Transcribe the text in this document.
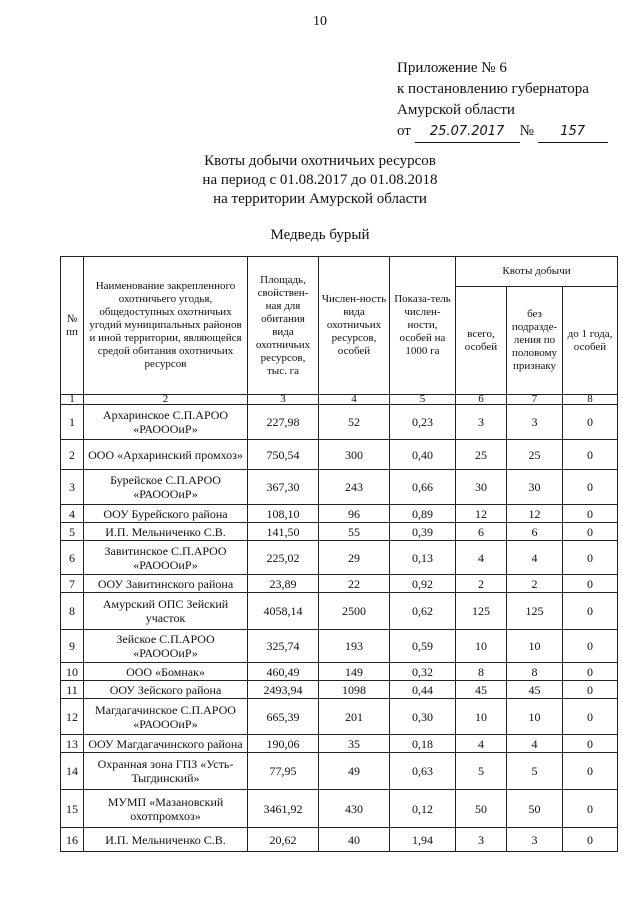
10
Приложение № 6
к постановлению губернатора
Амурской области
от 25.07.2017 № 157
Квоты добычи охотничьих ресурсов
на период с 01.08.2017 до 01.08.2018
на территории Амурской области
Медведь бурый
№ пп	Наименование закрепленного охотничьего угодья, общедоступных охотничьих угодий муниципальных районов и иной территории, являющейся средой обитания охотничьих ресурсов	Площадь, свойствен-ная для обитания вида охотничьих ресурсов, тыс. га	Числен-ность вида охотничьих ресурсов, особей	Показа-тель числен-ности, особей на 1000 га	Квоты добычи		
					всего, особей	без подразде-ления по половому признаку	до 1 года, особей
1	2	3	4	5	6	7	8
1	Архаринское С.П.АРОО «РАОООиР»	227,98	52	0,23	3	3	0
2	ООО «Архаринский промхоз»	750,54	300	0,40	25	25	0
3	Бурейское С.П.АРОО «РАОООиР»	367,30	243	0,66	30	30	0
4	ООУ Бурейского района	108,10	96	0,89	12	12	0
5	И.П. Мельниченко С.В.	141,50	55	0,39	6	6	0
6	Завитинское С.П.АРОО «РАОООиР»	225,02	29	0,13	4	4	0
7	ООУ Завитинского района	23,89	22	0,92	2	2	0
8	Амурский ОПС Зейский участок	4058,14	2500	0,62	125	125	0
9	Зейское С.П.АРОО «РАОООиР»	325,74	193	0,59	10	10	0
10	ООО «Бомнак»	460,49	149	0,32	8	8	0
11	ООУ Зейского района	2493,94	1098	0,44	45	45	0
12	Магдагачинское С.П.АРОО «РАОООиР»	665,39	201	0,30	10	10	0
13	ООУ Магдагачинского района	190,06	35	0,18	4	4	0
14	Охранная зона ГПЗ «Усть-Тыгдинский»	77,95	49	0,63	5	5	0
15	МУМП «Мазановский охотпромхоз»	3461,92	430	0,12	50	50	0
16	И.П. Мельниченко С.В.	20,62	40	1,94	3	3	0
